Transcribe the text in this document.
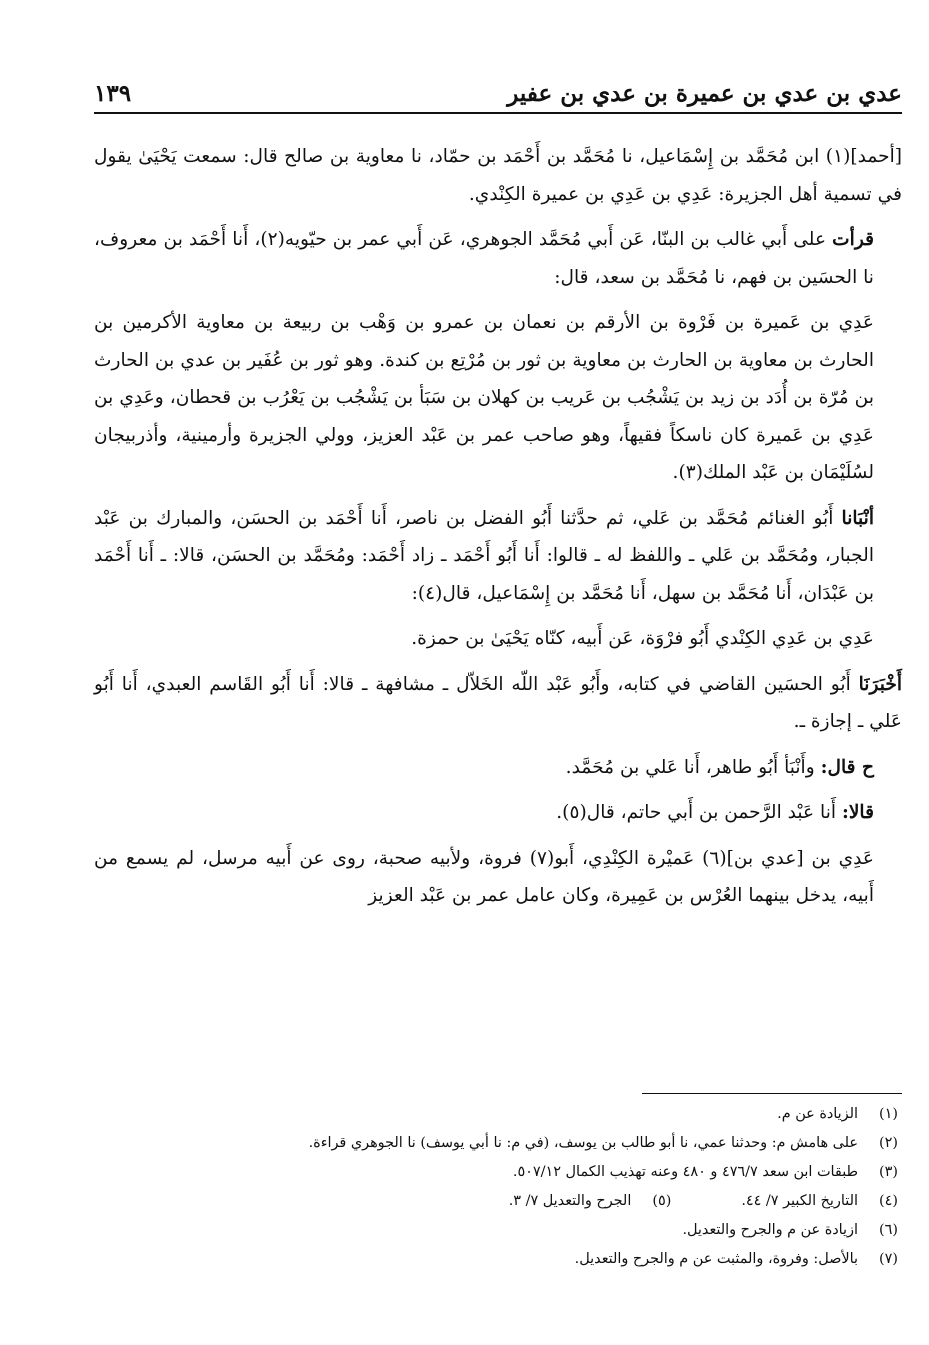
عدي بن عدي بن عميرة بن عدي بن عفير
١٣٩

[أحمد](١) ابن مُحَمَّد بن إِسْمَاعيل، نا مُحَمَّد بن أَحْمَد بن حمّاد، نا معاوية بن صالح قال: سمعت يَحْيَىٰ يقول في تسمية أهل الجزيرة: عَدِي بن عَدِي بن عميرة الكِنْدي.

قرأت على أَبي غالب بن البنّا، عَن أَبي مُحَمَّد الجوهري، عَن أَبي عمر بن حيّويه(٢)، أَنا أَحْمَد بن معروف، نا الحسَين بن فهم، نا مُحَمَّد بن سعد، قال:

عَدِي بن عَميرة بن فَرْوة بن الأرقم بن نعمان بن عمرو بن وَهْب بن ربيعة بن معاوية الأكرمين بن الحارث بن معاوية بن الحارث بن معاوية بن ثور بن مُرْتِع بن كندة. وهو ثور بن عُفَير بن عدي بن الحارث بن مُرّة بن أُدَد بن زيد بن يَشْجُب بن عَريب بن كهلان بن سَبَأ بن يَشْجُب بن يَعْرُب بن قحطان، وعَدِي بن عَدِي بن عَميرة كان ناسكاً فقيهاً، وهو صاحب عمر بن عَبْد العزيز، وولي الجزيرة وأرمينية، وأذربيجان لسُلَيْمَان بن عَبْد الملك(٣).

أنْبَانا أَبُو الغنائم مُحَمَّد بن عَلي، ثم حدَّثنا أَبُو الفضل بن ناصر، أَنا أَحْمَد بن الحسَن، والمبارك بن عَبْد الجبار، ومُحَمَّد بن عَلي ـ واللفظ له ـ قالوا: أَنا أَبُو أَحْمَد ـ زاد أَحْمَد: ومُحَمَّد بن الحسَن، قالا: ـ أَنا أَحْمَد بن عَبْدَان، أَنا مُحَمَّد بن سهل، أَنا مُحَمَّد بن إِسْمَاعيل، قال(٤):

عَدِي بن عَدِي الكِنْدي أَبُو فرْوَة، عَن أَبيه، كنّاه يَحْيَىٰ بن حمزة.

أَخْبَرَنَا أَبُو الحسَين القاضي في كتابه، وأَبُو عَبْد اللّه الخَلاّل ـ مشافهة ـ قالا: أَنا أَبُو القَاسم العبدي، أَنا أَبُو عَلي ـ إجازة ـ.

ح قال: وأَنْبَأ أَبُو طاهر، أَنا عَلي بن مُحَمَّد.

قالا: أَنا عَبْد الرَّحمن بن أَبي حاتم، قال(٥).

عَدِي بن [عدي بن](٦) عَميْرة الكِنْدِي، أَبو(٧) فروة، ولأبيه صحبة، روى عن أَبيه مرسل، لم يسمع من أَبيه، يدخل بينهما العُرْس بن عَمِيرة، وكان عامل عمر بن عَبْد العزيز

(١)
الزيادة عن م.
(٢)
على هامش م: وحدثنا عمي، نا أبو طالب بن يوسف، (في م: نا أبي يوسف) نا الجوهري قراءة.
(٣)
طبقات ابن سعد ٤٧٦/٧ و ٤٨٠ وعنه تهذيب الكمال ٥٠٧/١٢.
(٤)
التاريخ الكبير ٧/ ٤٤.
(٥)
الجرح والتعديل ٧/ ٣.
(٦)
ازيادة عن م والجرح والتعديل.
(٧)
بالأصل: وفروة، والمثبت عن م والجرح والتعديل.
